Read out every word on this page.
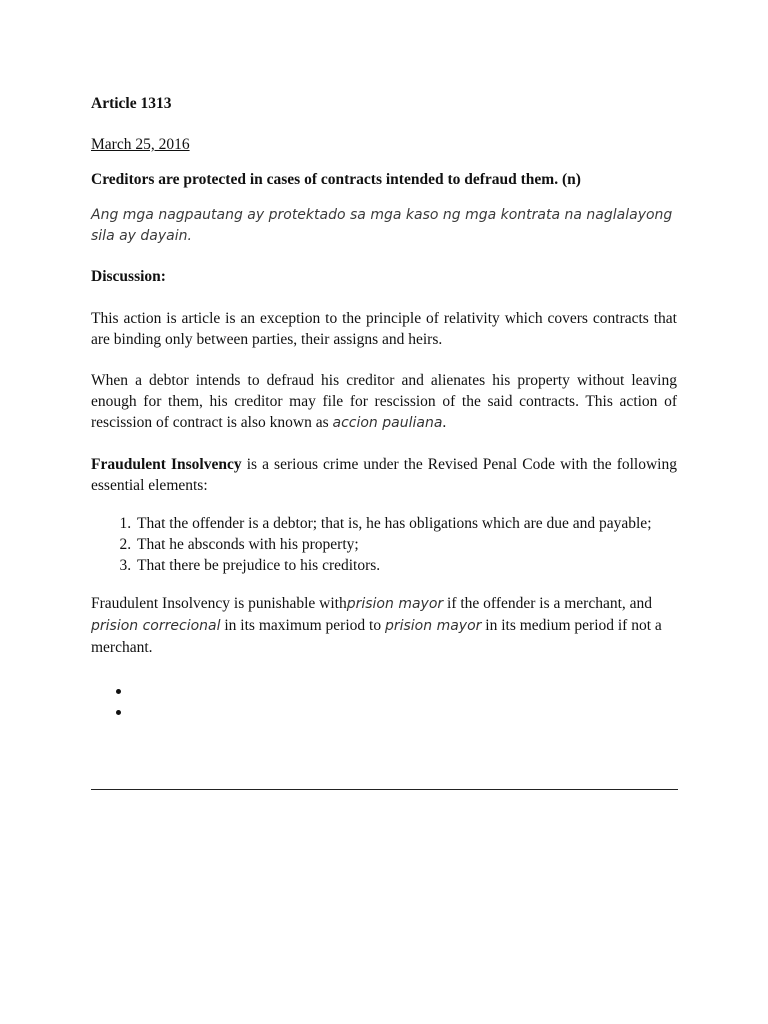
Article 1313

March 25, 2016

Creditors are protected in cases of contracts intended to defraud them. (n)

Ang mga nagpautang ay protektado sa mga kaso ng mga kontrata na naglalayong sila ay dayain.

Discussion:

This action is article is an exception to the principle of relativity which covers contracts that are binding only between parties, their assigns and heirs.

When a debtor intends to defraud his creditor and alienates his property without leaving enough for them, his creditor may file for rescission of the said contracts. This action of rescission of contract is also known as accion pauliana.

Fraudulent Insolvency is a serious crime under the Revised Penal Code with the following essential elements:

1. That the offender is a debtor; that is, he has obligations which are due and payable;
2. That he absconds with his property;
3. That there be prejudice to his creditors.

Fraudulent Insolvency is punishable withprision mayor if the offender is a merchant, and prision correcional in its maximum period to prision mayor in its medium period if not a merchant.
